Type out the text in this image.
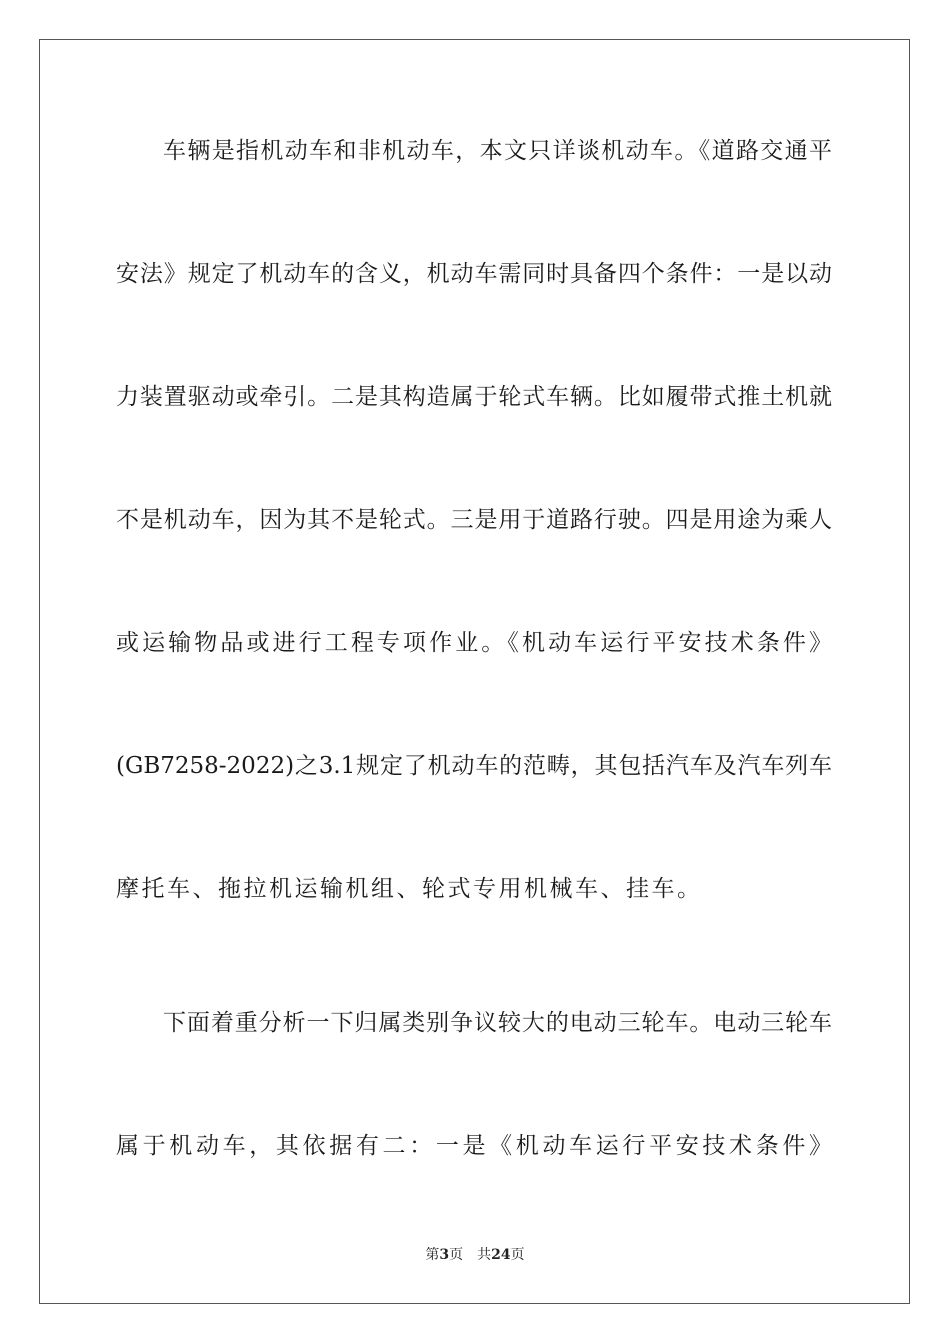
车辆是指机动车和非机动车，本文只详谈机动车。《道路交通平
安法》规定了机动车的含义，机动车需同时具备四个条件：一是以动
力装置驱动或牵引。二是其构造属于轮式车辆。比如履带式推土机就
不是机动车，因为其不是轮式。三是用于道路行驶。四是用途为乘人
或运输物品或进行工程专项作业。《机动车运行平安技术条件》
(GB7258-2022)之3.1规定了机动车的范畴，其包括汽车及汽车列车
摩托车、拖拉机运输机组、轮式专用机械车、挂车。
下面着重分析一下归属类别争议较大的电动三轮车。电动三轮车
属于机动车，其依据有二：一是《机动车运行平安技术条件》
第3页 共24页
